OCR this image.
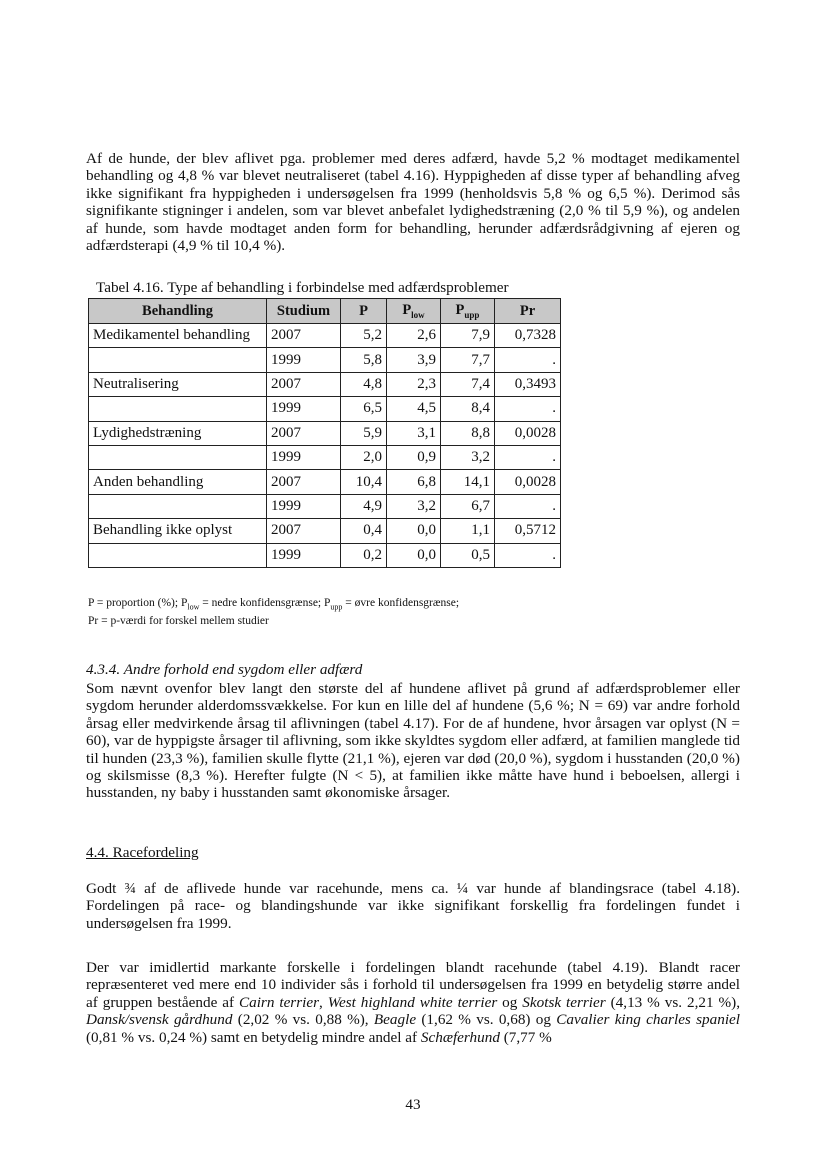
Af de hunde, der blev aflivet pga. problemer med deres adfærd, havde 5,2 % modtaget medikamentel behandling og 4,8 % var blevet neutraliseret (tabel 4.16). Hyppigheden af disse typer af behandling afveg ikke signifikant fra hyppigheden i undersøgelsen fra 1999 (henholdsvis 5,8 % og 6,5 %). Derimod sås signifikante stigninger i andelen, som var blevet anbefalet lydighedstræning (2,0 % til 5,9 %), og andelen af hunde, som havde modtaget anden form for behandling, herunder adfærdsrådgivning af ejeren og adfærdsterapi (4,9 % til 10,4 %).
Tabel 4.16. Type af behandling i forbindelse med adfærdsproblemer
Behandling	Studium	P	$P_{low}$	$P_{upp}$	Pr
Medikamentel behandling	2007	5,2	2,6	7,9	0,7328
	1999	5,8	3,9	7,7	.
Neutralisering	2007	4,8	2,3	7,4	0,3493
	1999	6,5	4,5	8,4	.
Lydighedstræning	2007	5,9	3,1	8,8	0,0028
	1999	2,0	0,9	3,2	.
Anden behandling	2007	10,4	6,8	14,1	0,0028
	1999	4,9	3,2	6,7	.
Behandling ikke oplyst	2007	0,4	0,0	1,1	0,5712
	1999	0,2	0,0	0,5	.
P = proportion (%); $P_{low}$ = nedre konfidensgrænse; $P_{upp}$ = øvre konfidensgrænse;
Pr = p-værdi for forskel mellem studier
4.3.4. Andre forhold end sygdom eller adfærd
Som nævnt ovenfor blev langt den største del af hundene aflivet på grund af adfærdsproblemer eller sygdom herunder alderdomssvækkelse. For kun en lille del af hundene (5,6 %; N = 69) var andre forhold årsag eller medvirkende årsag til aflivningen (tabel 4.17). For de af hundene, hvor årsagen var oplyst (N = 60), var de hyppigste årsager til aflivning, som ikke skyldtes sygdom eller adfærd, at familien manglede tid til hunden (23,3 %), familien skulle flytte (21,1 %), ejeren var død (20,0 %), sygdom i husstanden (20,0 %) og skilsmisse (8,3 %). Herefter fulgte (N < 5), at familien ikke måtte have hund i beboelsen, allergi i husstanden, ny baby i husstanden samt økonomiske årsager.
4.4. Racefordeling
Godt ¾ af de aflivede hunde var racehunde, mens ca. ¼ var hunde af blandingsrace (tabel 4.18). Fordelingen på race- og blandingshunde var ikke signifikant forskellig fra fordelingen fundet i undersøgelsen fra 1999.
Der var imidlertid markante forskelle i fordelingen blandt racehunde (tabel 4.19). Blandt racer repræsenteret ved mere end 10 individer sås i forhold til undersøgelsen fra 1999 en betydelig større andel af gruppen bestående af Cairn terrier, West highland white terrier og Skotsk terrier (4,13 % vs. 2,21 %), Dansk/svensk gårdhund (2,02 % vs. 0,88 %), Beagle (1,62 % vs. 0,68) og Cavalier king charles spaniel (0,81 % vs. 0,24 %) samt en betydelig mindre andel af Schæferhund (7,77 %
43
